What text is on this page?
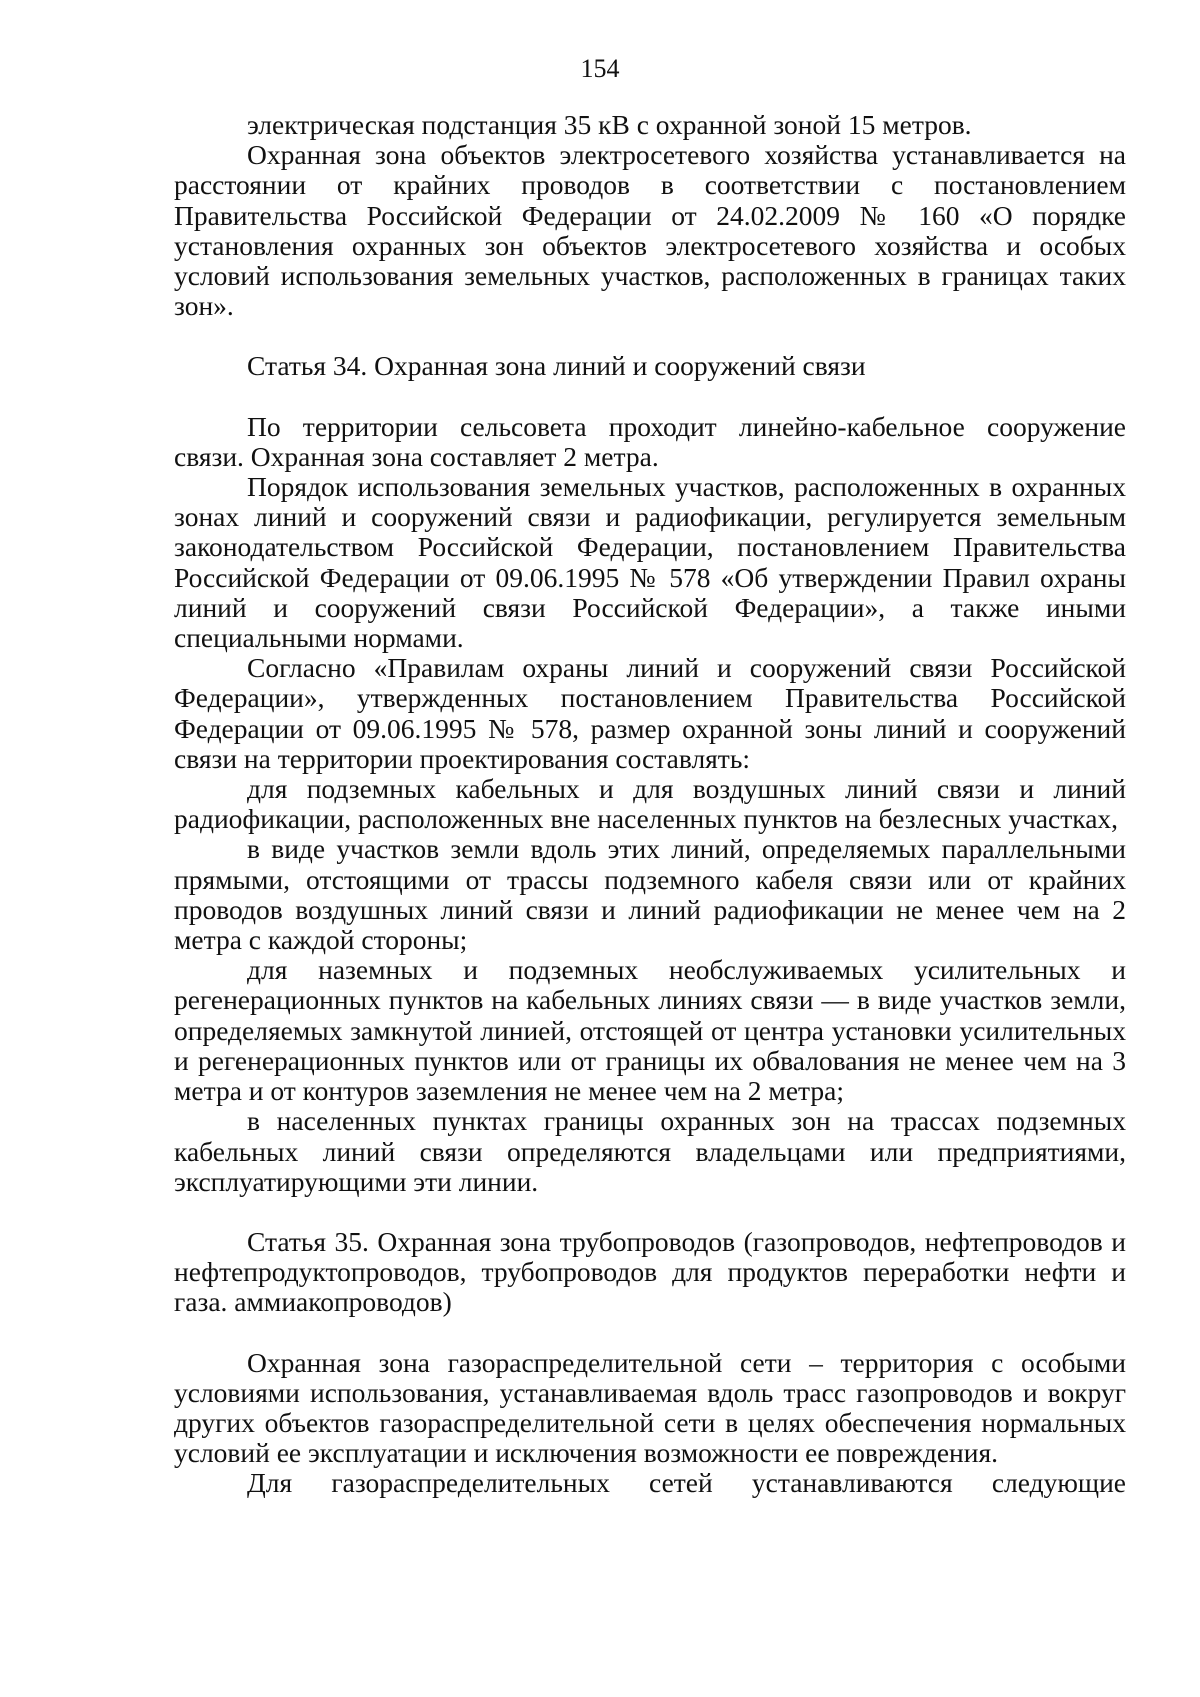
154

электрическая подстанция 35 кВ с охранной зоной 15 метров.

Охранная зона объектов электросетевого хозяйства устанавливается на расстоянии от крайних проводов в соответствии с постановлением Правительства Российской Федерации от 24.02.2009 № 160 «О порядке установления охранных зон объектов электросетевого хозяйства и особых условий использования земельных участков, расположенных в границах таких зон».

Статья 34. Охранная зона линий и сооружений связи

По территории сельсовета проходит линейно-кабельное сооружение связи. Охранная зона составляет 2 метра.

Порядок использования земельных участков, расположенных в охранных зонах линий и сооружений связи и радиофикации, регулируется земельным законодательством Российской Федерации, постановлением Правительства Российской Федерации от 09.06.1995 № 578 «Об утверждении Правил охраны линий и сооружений связи Российской Федерации», а также иными специальными нормами.

Согласно «Правилам охраны линий и сооружений связи Российской Федерации», утвержденных постановлением Правительства Российской Федерации от 09.06.1995 № 578, размер охранной зоны линий и сооружений связи на территории проектирования составлять:

для подземных кабельных и для воздушных линий связи и линий радиофикации, расположенных вне населенных пунктов на безлесных участках,

в виде участков земли вдоль этих линий, определяемых параллельными прямыми, отстоящими от трассы подземного кабеля связи или от крайних проводов воздушных линий связи и линий радиофикации не менее чем на 2 метра с каждой стороны;

для наземных и подземных необслуживаемых усилительных и регенерационных пунктов на кабельных линиях связи — в виде участков земли, определяемых замкнутой линией, отстоящей от центра установки усилительных и регенерационных пунктов или от границы их обвалования не менее чем на 3 метра и от контуров заземления не менее чем на 2 метра;

в населенных пунктах границы охранных зон на трассах подземных кабельных линий связи определяются владельцами или предприятиями, эксплуатирующими эти линии.

Статья 35. Охранная зона трубопроводов (газопроводов, нефтепроводов и нефтепродуктопроводов, трубопроводов для продуктов переработки нефти и газа. аммиакопроводов)

Охранная зона газораспределительной сети – территория с особыми условиями использования, устанавливаемая вдоль трасс газопроводов и вокруг других объектов газораспределительной сети в целях обеспечения нормальных условий ее эксплуатации и исключения возможности ее повреждения.

Для газораспределительных сетей устанавливаются следующие
